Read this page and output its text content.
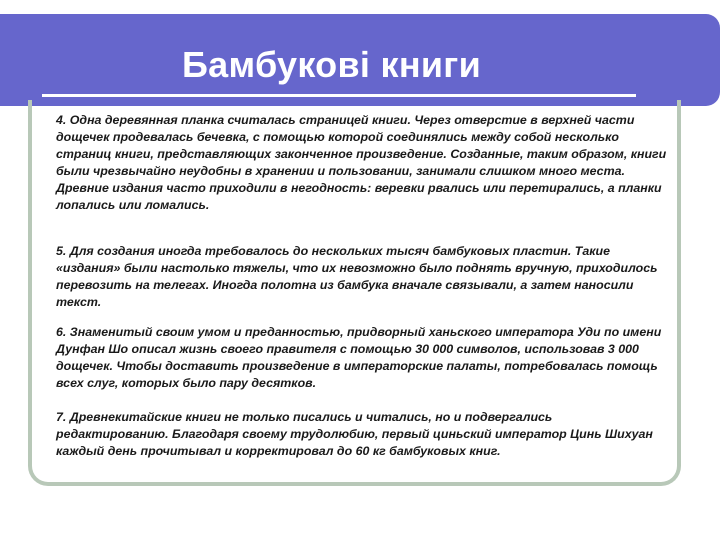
Бамбукові книги

4. Одна деревянная планка считалась страницей книги. Через отверстие в верхней части дощечек продевалась бечевка, с помощью которой соединялись между собой несколько страниц книги, представляющих законченное произведение. Созданные, таким образом, книги были чрезвычайно неудобны в хранении и пользовании, занимали слишком много места. Древние издания часто приходили в негодность: веревки рвались или перетирались, а планки лопались или ломались.

5. Для создания иногда требовалось до нескольких тысяч бамбуковых пластин. Такие «издания» были настолько тяжелы, что их невозможно было поднять вручную, приходилось перевозить на телегах. Иногда полотна из бамбука вначале связывали, а затем наносили текст.

6. Знаменитый своим умом и преданностью, придворный ханьского императора Уди по имени Дунфан Шо описал жизнь своего правителя с помощью 30 000 символов, использовав 3 000 дощечек. Чтобы доставить произведение в императорские палаты, потребовалась помощь всех слуг, которых было пару десятков.

7. Древнекитайские книги не только писались и читались, но и подвергались редактированию. Благодаря своему трудолюбию, первый циньский император Цинь Шихуан каждый день прочитывал и корректировал до 60 кг бамбуковых книг.
